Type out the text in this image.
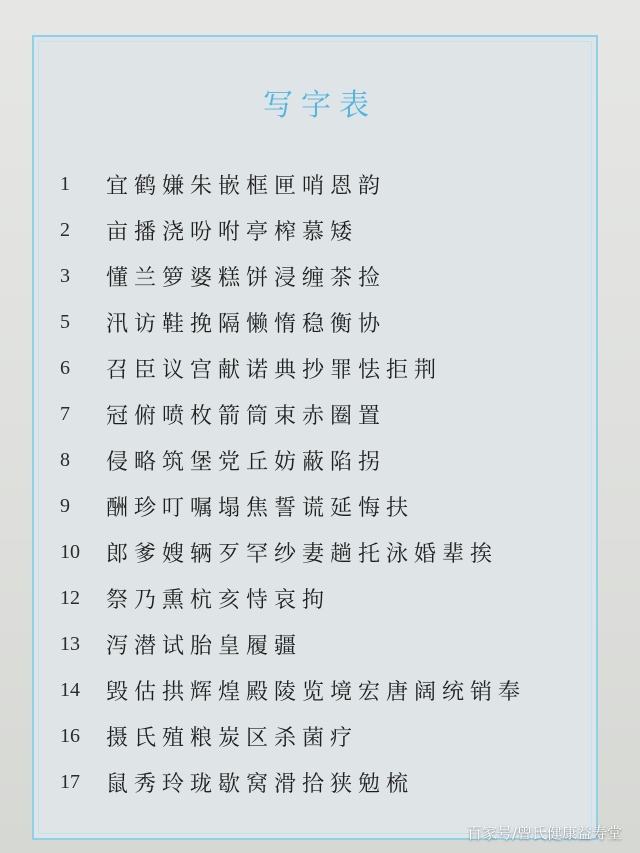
写字表
1	宜鹤嫌朱嵌框匣哨恩韵
2	亩播浇吩咐亭榨慕矮
3	懂兰箩婆糕饼浸缠茶捡
5	汛访鞋挽隔懒惰稳衡协
6	召臣议宫献诺典抄罪怯拒荆
7	冠俯喷枚箭筒束赤圈置
8	侵略筑堡党丘妨蔽陷拐
9	酬珍叮嘱塌焦誓谎延悔扶
10	郎爹嫂辆歹罕纱妻趟托泳婚辈挨
12	祭乃熏杭亥恃哀拘
13	泻潜试胎皇履疆
14	毁估拱辉煌殿陵览境宏唐阔统销奉
16	摄氏殖粮炭区杀菌疗
17	鼠秀玲珑歇窝滑拾狭勉梳
百家号/曾氏健康益寿堂
